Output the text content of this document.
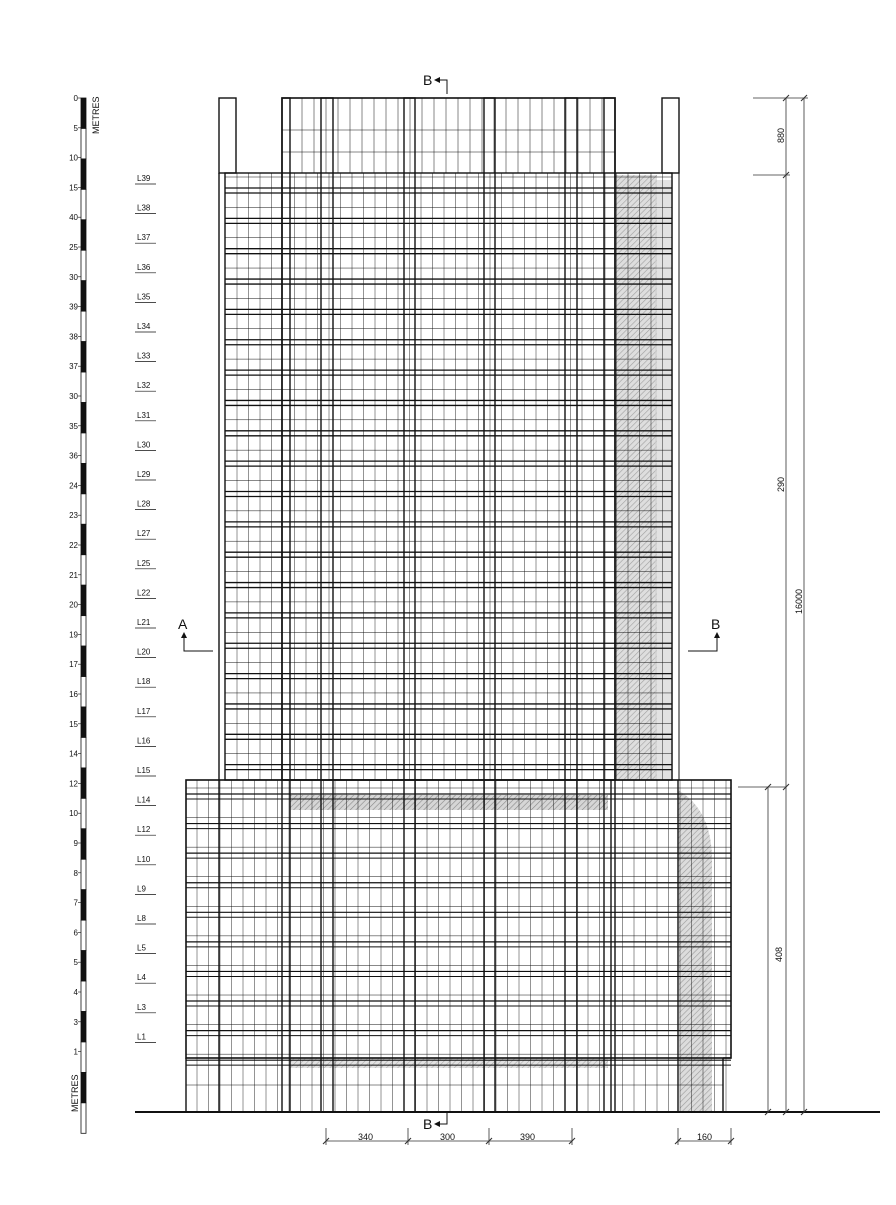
0
5
10
15
40
25
30
39
38
37
30
35
36
24
23
22
21
20
19
17
16
15
14
12
10
9
8
7
6
5
4
3
1
L39
L38
L37
L36
L35
L34
L33
L32
L31
L30
L29
L28
L27
L25
L22
L21
L20
L18
L17
L16
L15
L14
L12
L10
L9
L8
L5
L4
L3
L1
METRES
METRES
B
B
A	B
880
290
16000
408
340	300	390	160
